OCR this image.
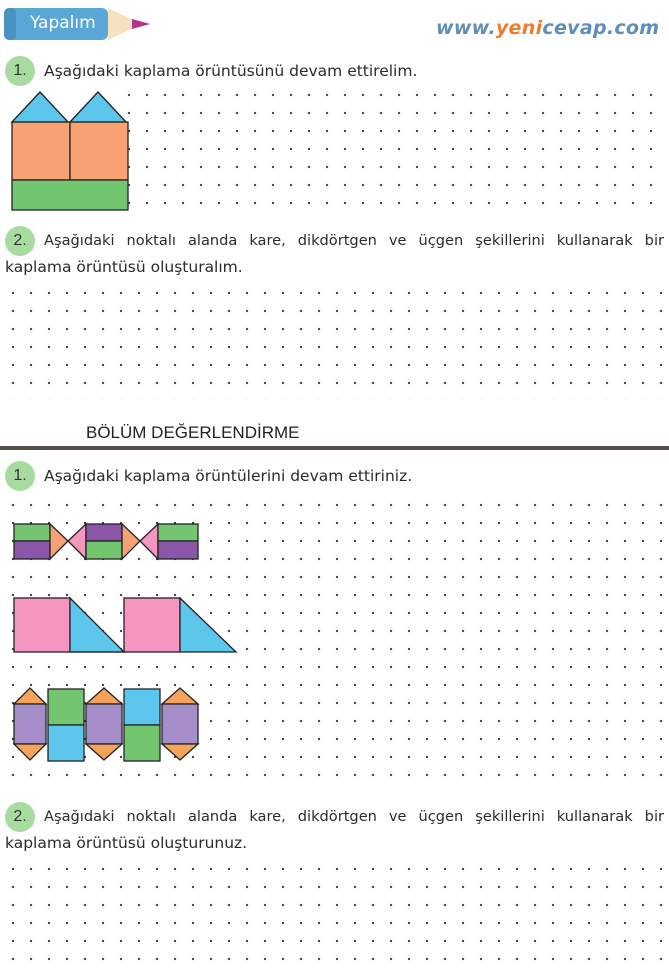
Yapalım	www.yenicevap.com
1. Aşağıdaki kaplama örüntüsünü devam ettirelim.
2. Aşağıdaki noktalı alanda kare, dikdörtgen ve üçgen şekillerini kullanarak bir
kaplama örüntüsü oluşturalım.
BÖLÜM DEĞERLENDİRME
1. Aşağıdaki kaplama örüntülerini devam ettiriniz.
2. Aşağıdaki noktalı alanda kare, dikdörtgen ve üçgen şekillerini kullanarak bir
kaplama örüntüsü oluşturunuz.
